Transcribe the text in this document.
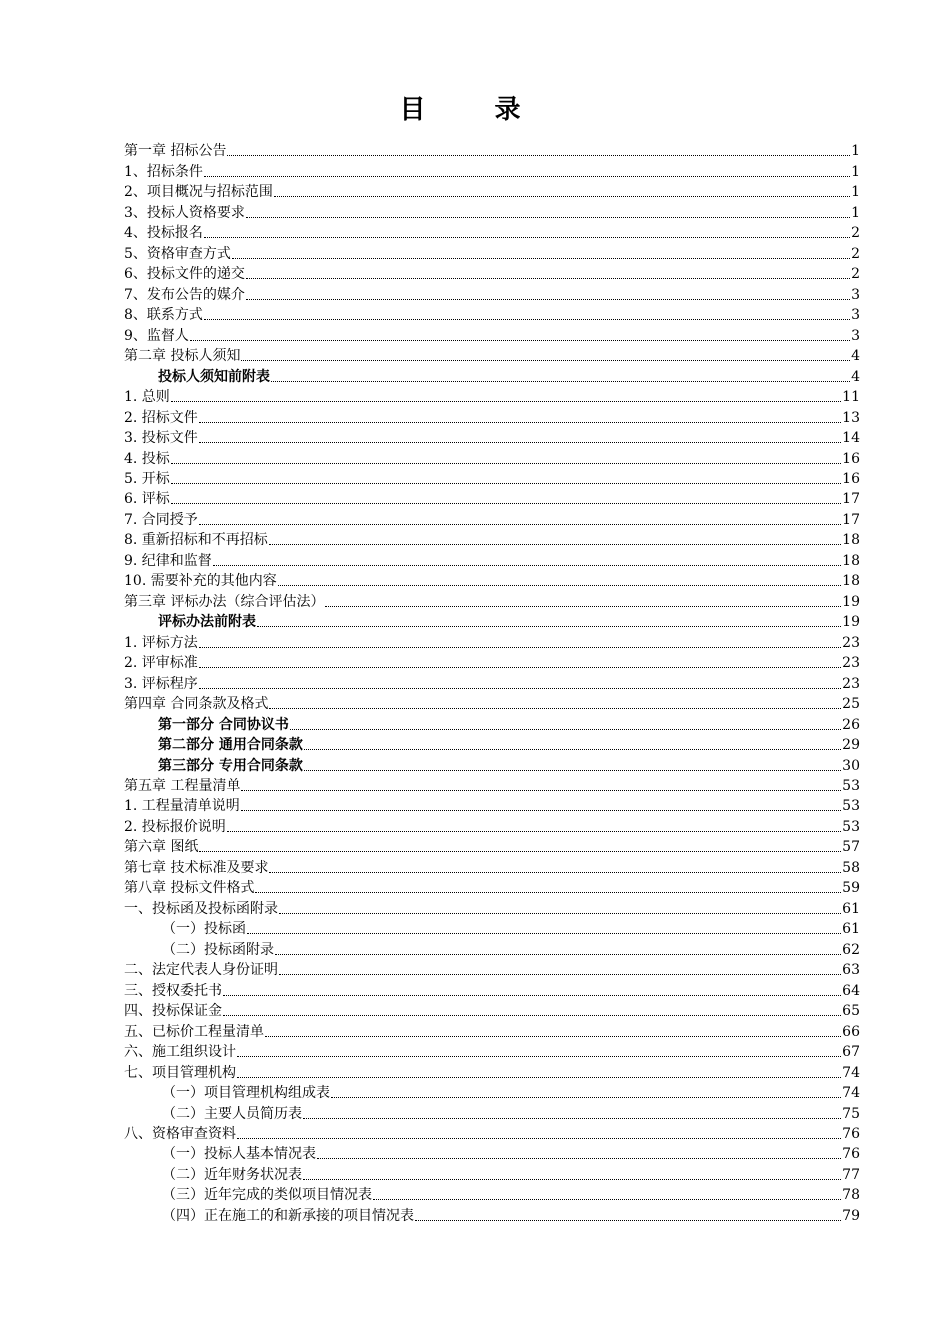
目 录
第一章 招标公告	1
1、招标条件	1
2、项目概况与招标范围	1
3、投标人资格要求	1
4、投标报名	2
5、资格审查方式	2
6、投标文件的递交	2
7、发布公告的媒介	3
8、联系方式	3
9、监督人	3
第二章 投标人须知	4
投标人须知前附表	4
1. 总则	11
2. 招标文件	13
3. 投标文件	14
4. 投标	16
5. 开标	16
6. 评标	17
7. 合同授予	17
8. 重新招标和不再招标	18
9. 纪律和监督	18
10. 需要补充的其他内容	18
第三章 评标办法（综合评估法）	19
评标办法前附表	19
1. 评标方法	23
2. 评审标准	23
3. 评标程序	23
第四章 合同条款及格式	25
第一部分 合同协议书	26
第二部分 通用合同条款	29
第三部分 专用合同条款	30
第五章 工程量清单	53
1. 工程量清单说明	53
2. 投标报价说明	53
第六章 图纸	57
第七章 技术标准及要求	58
第八章 投标文件格式	59
一、投标函及投标函附录	61
（一）投标函	61
（二）投标函附录	62
二、法定代表人身份证明	63
三、授权委托书	64
四、投标保证金	65
五、已标价工程量清单	66
六、施工组织设计	67
七、项目管理机构	74
（一）项目管理机构组成表	74
（二）主要人员简历表	75
八、资格审查资料	76
（一）投标人基本情况表	76
（二）近年财务状况表	77
（三）近年完成的类似项目情况表	78
（四）正在施工的和新承接的项目情况表	79
